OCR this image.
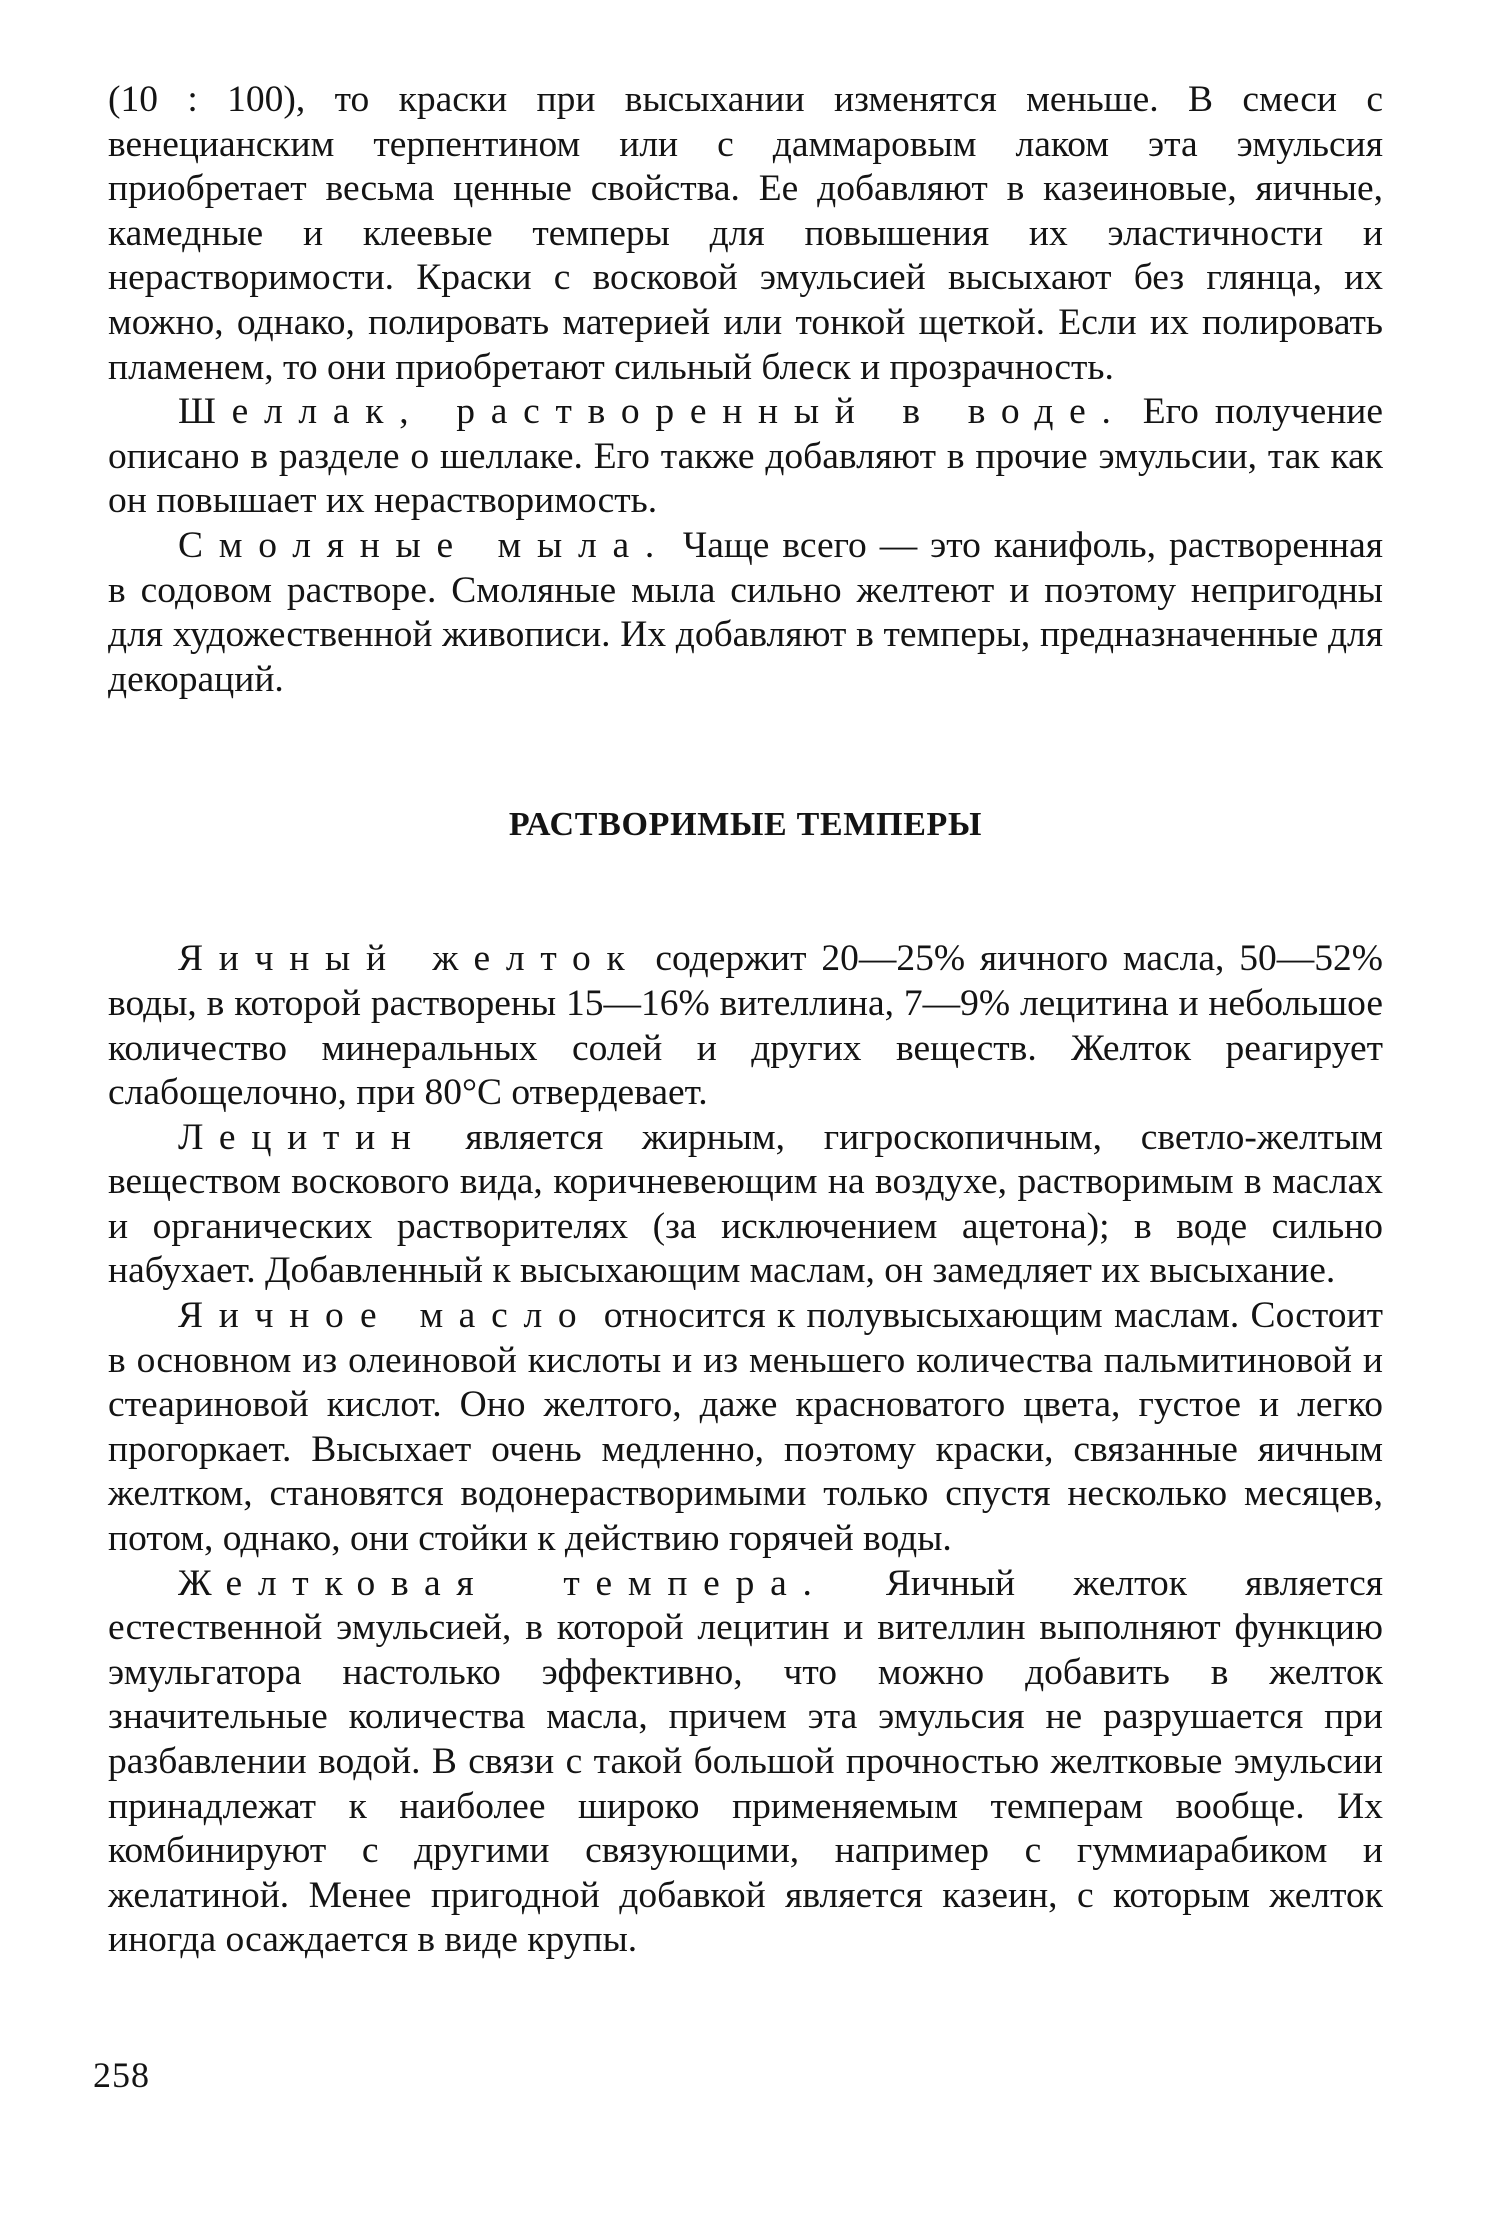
(10 : 100), то краски при высыхании изменятся меньше. В смеси с венецианским терпентином или с даммаровым лаком эта эмульсия приобретает весьма ценные свойства. Ее добавляют в казеиновые, яичные, камедные и клеевые темперы для повышения их эластичности и нерастворимости. Краски с восковой эмульсией высыхают без глянца, их можно, однако, полировать материей или тонкой щеткой. Если их полировать пламенем, то они приобретают сильный блеск и прозрачность.

Шеллак, растворенный в воде. Его получение описано в разделе о шеллаке. Его также добавляют в прочие эмульсии, так как он повышает их нерастворимость.

Смоляные мыла. Чаще всего — это канифоль, растворенная в содовом растворе. Смоляные мыла сильно желтеют и поэтому непригодны для художественной живописи. Их добавляют в темперы, предназначенные для декораций.

РАСТВОРИМЫЕ ТЕМПЕРЫ

Яичный желток содержит 20—25% яичного масла, 50—52% воды, в которой растворены 15—16% вителлина, 7—9% лецитина и небольшое количество минеральных солей и других веществ. Желток реагирует слабощелочно, при 80°С отвердевает.

Лецитин является жирным, гигроскопичным, светло-желтым веществом воскового вида, коричневеющим на воздухе, растворимым в маслах и органических растворителях (за исключением ацетона); в воде сильно набухает. Добавленный к высыхающим маслам, он замедляет их высыхание.

Яичное масло относится к полувысыхающим маслам. Состоит в основном из олеиновой кислоты и из меньшего количества пальмитиновой и стеариновой кислот. Оно желтого, даже красноватого цвета, густое и легко прогоркает. Высыхает очень медленно, поэтому краски, связанные яичным желтком, становятся водонерастворимыми только спустя несколько месяцев, потом, однако, они стойки к действию горячей воды.

Желтковая темпера. Яичный желток является естественной эмульсией, в которой лецитин и вителлин выполняют функцию эмульгатора настолько эффективно, что можно добавить в желток значительные количества масла, причем эта эмульсия не разрушается при разбавлении водой. В связи с такой большой прочностью желтковые эмульсии принадлежат к наиболее широко применяемым темперам вообще. Их комбинируют с другими связующими, например с гуммиарабиком и желатиной. Менее пригодной добавкой является казеин, с которым желток иногда осаждается в виде крупы.

258
